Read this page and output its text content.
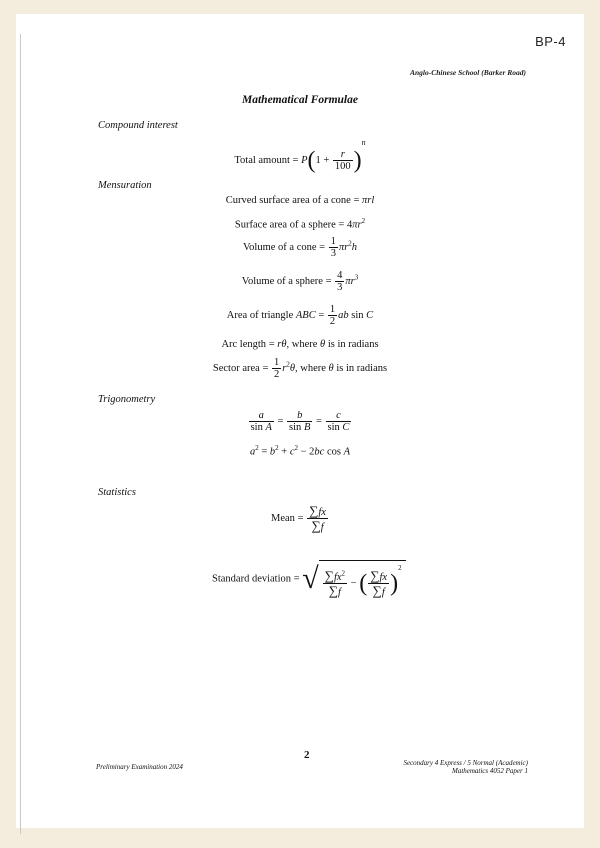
BP-4
Anglo-Chinese School (Barker Road)
Mathematical Formulae
Compound interest
Total amount = $P(1 + \frac{r}{100} )^n$
Mensuration
Curved surface area of a cone = πrl
Surface area of a sphere = $4\pi r^2$
Volume of a cone = $\frac{1}{3} \pi r^2h$
Volume of a sphere = $\frac{4}{3} \pi r^3$
Area of triangle ABC = $\frac{1}{2}$ ab sin C
Arc length = rθ, where θ is in radians
Sector area = $\frac{1}{2} r^2\theta$, where θ is in radians
Trigonometry
$\frac{a}{\text{sin A}} = \frac{b}{\text{sin B}} = \frac{c}{\text{sin C}}$
$a^2 = b^2 + c^2 - 2bc$ cos A
Statistics
Mean = $\frac{\sum fx}{\sum f}$
Standard deviation = √ $\frac{\sum fx^2}{\sum f}$ − ( $\frac{\sum fx}{\sum f} )^2$
Preliminary Examination 2024
2
Secondary 4 Express / 5 Normal (Academic)
Mathematics 4052 Paper 1
